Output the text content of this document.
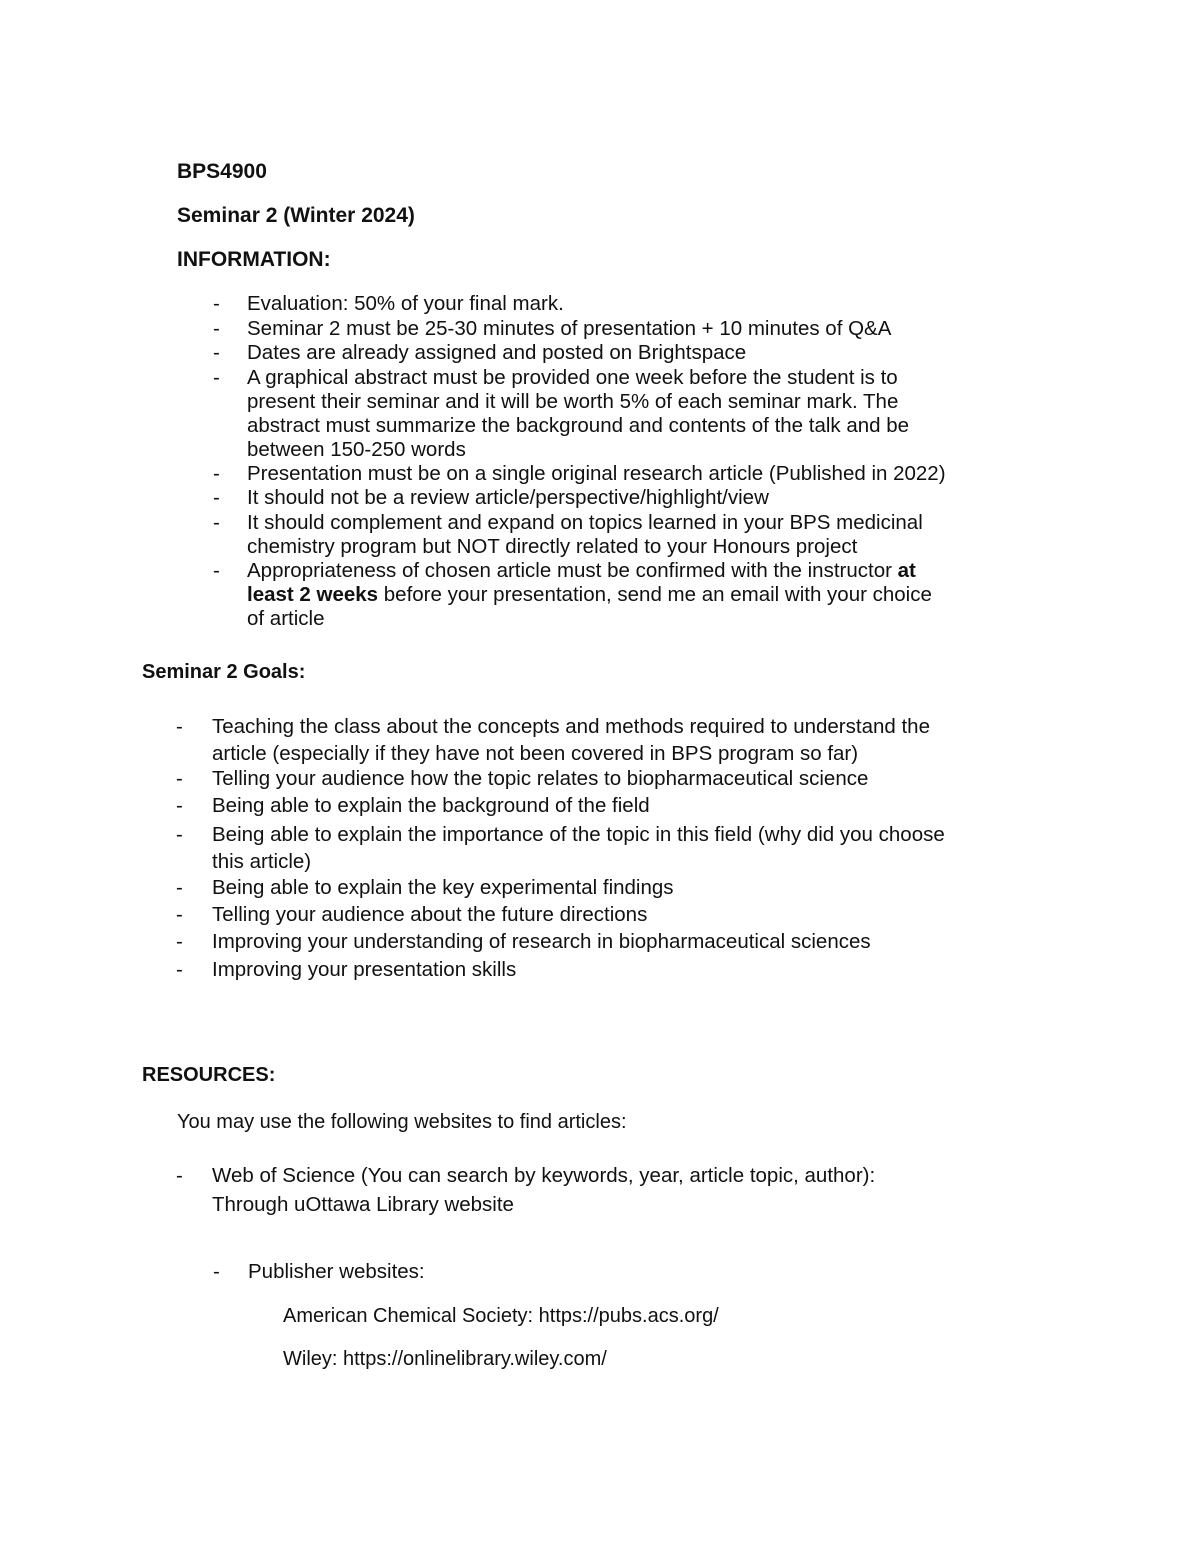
BPS4900
Seminar 2 (Winter 2024)
INFORMATION:
- Evaluation: 50% of your final mark.
- Seminar 2 must be 25-30 minutes of presentation + 10 minutes of Q&A
- Dates are already assigned and posted on Brightspace
- A graphical abstract must be provided one week before the student is to
present their seminar and it will be worth 5% of each seminar mark. The
abstract must summarize the background and contents of the talk and be
between 150-250 words
- Presentation must be on a single original research article (Published in 2022)
- It should not be a review article/perspective/highlight/view
- It should complement and expand on topics learned in your BPS medicinal
chemistry program but NOT directly related to your Honours project
- Appropriateness of chosen article must be confirmed with the instructor at
least 2 weeks before your presentation, send me an email with your choice
of article
Seminar 2 Goals:
- Teaching the class about the concepts and methods required to understand the
article (especially if they have not been covered in BPS program so far)
- Telling your audience how the topic relates to biopharmaceutical science
- Being able to explain the background of the field
- Being able to explain the importance of the topic in this field (why did you choose
this article)
- Being able to explain the key experimental findings
- Telling your audience about the future directions
- Improving your understanding of research in biopharmaceutical sciences
- Improving your presentation skills
RESOURCES:
You may use the following websites to find articles:
- Web of Science (You can search by keywords, year, article topic, author):
Through uOttawa Library website
- Publisher websites:
American Chemical Society: https://pubs.acs.org/
Wiley: https://onlinelibrary.wiley.com/
